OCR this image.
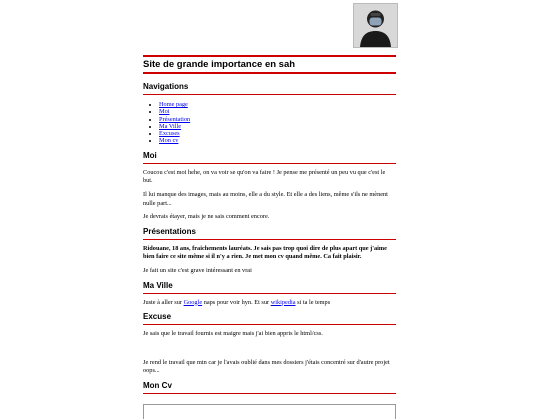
Site de grande importance en sah
Navigations
• Home page
• Moi
• Présentation
• Ma Ville
• Excuses
• Mon cv
Moi

Coucou c'est moi hehe, on va voir se qu'on va faire ! Je pense me présenté un peu vu que c'est le but.

Il lui manque des images, mais au moins, elle a du style. Et elle a des liens, même s'ils ne mènent nulle part...

Je devrais étayer, mais je ne sais comment encore.

Présentations

Ridouane, 18 ans, fraichements lauréats. Je sais pas trop quoi dire de plus apart que j'aime bien faire ce site même si il n'y a rien. Je met mon cv quand même. Ca fait plaisir.

Je fait un site c'est grave intéressant en vrai

Ma Ville

Juste à aller sur Google naps pour voir hyn. Et sur wikipedia si ta le temps

Excuse

Je sais que le travail fournis est maigre mais j'ai bien appris le html/css.

Je rend le travail que mtn car je l'avais oublié dans mes dossiers j'étais concentré sur d'autre projet oops...

Mon Cv
